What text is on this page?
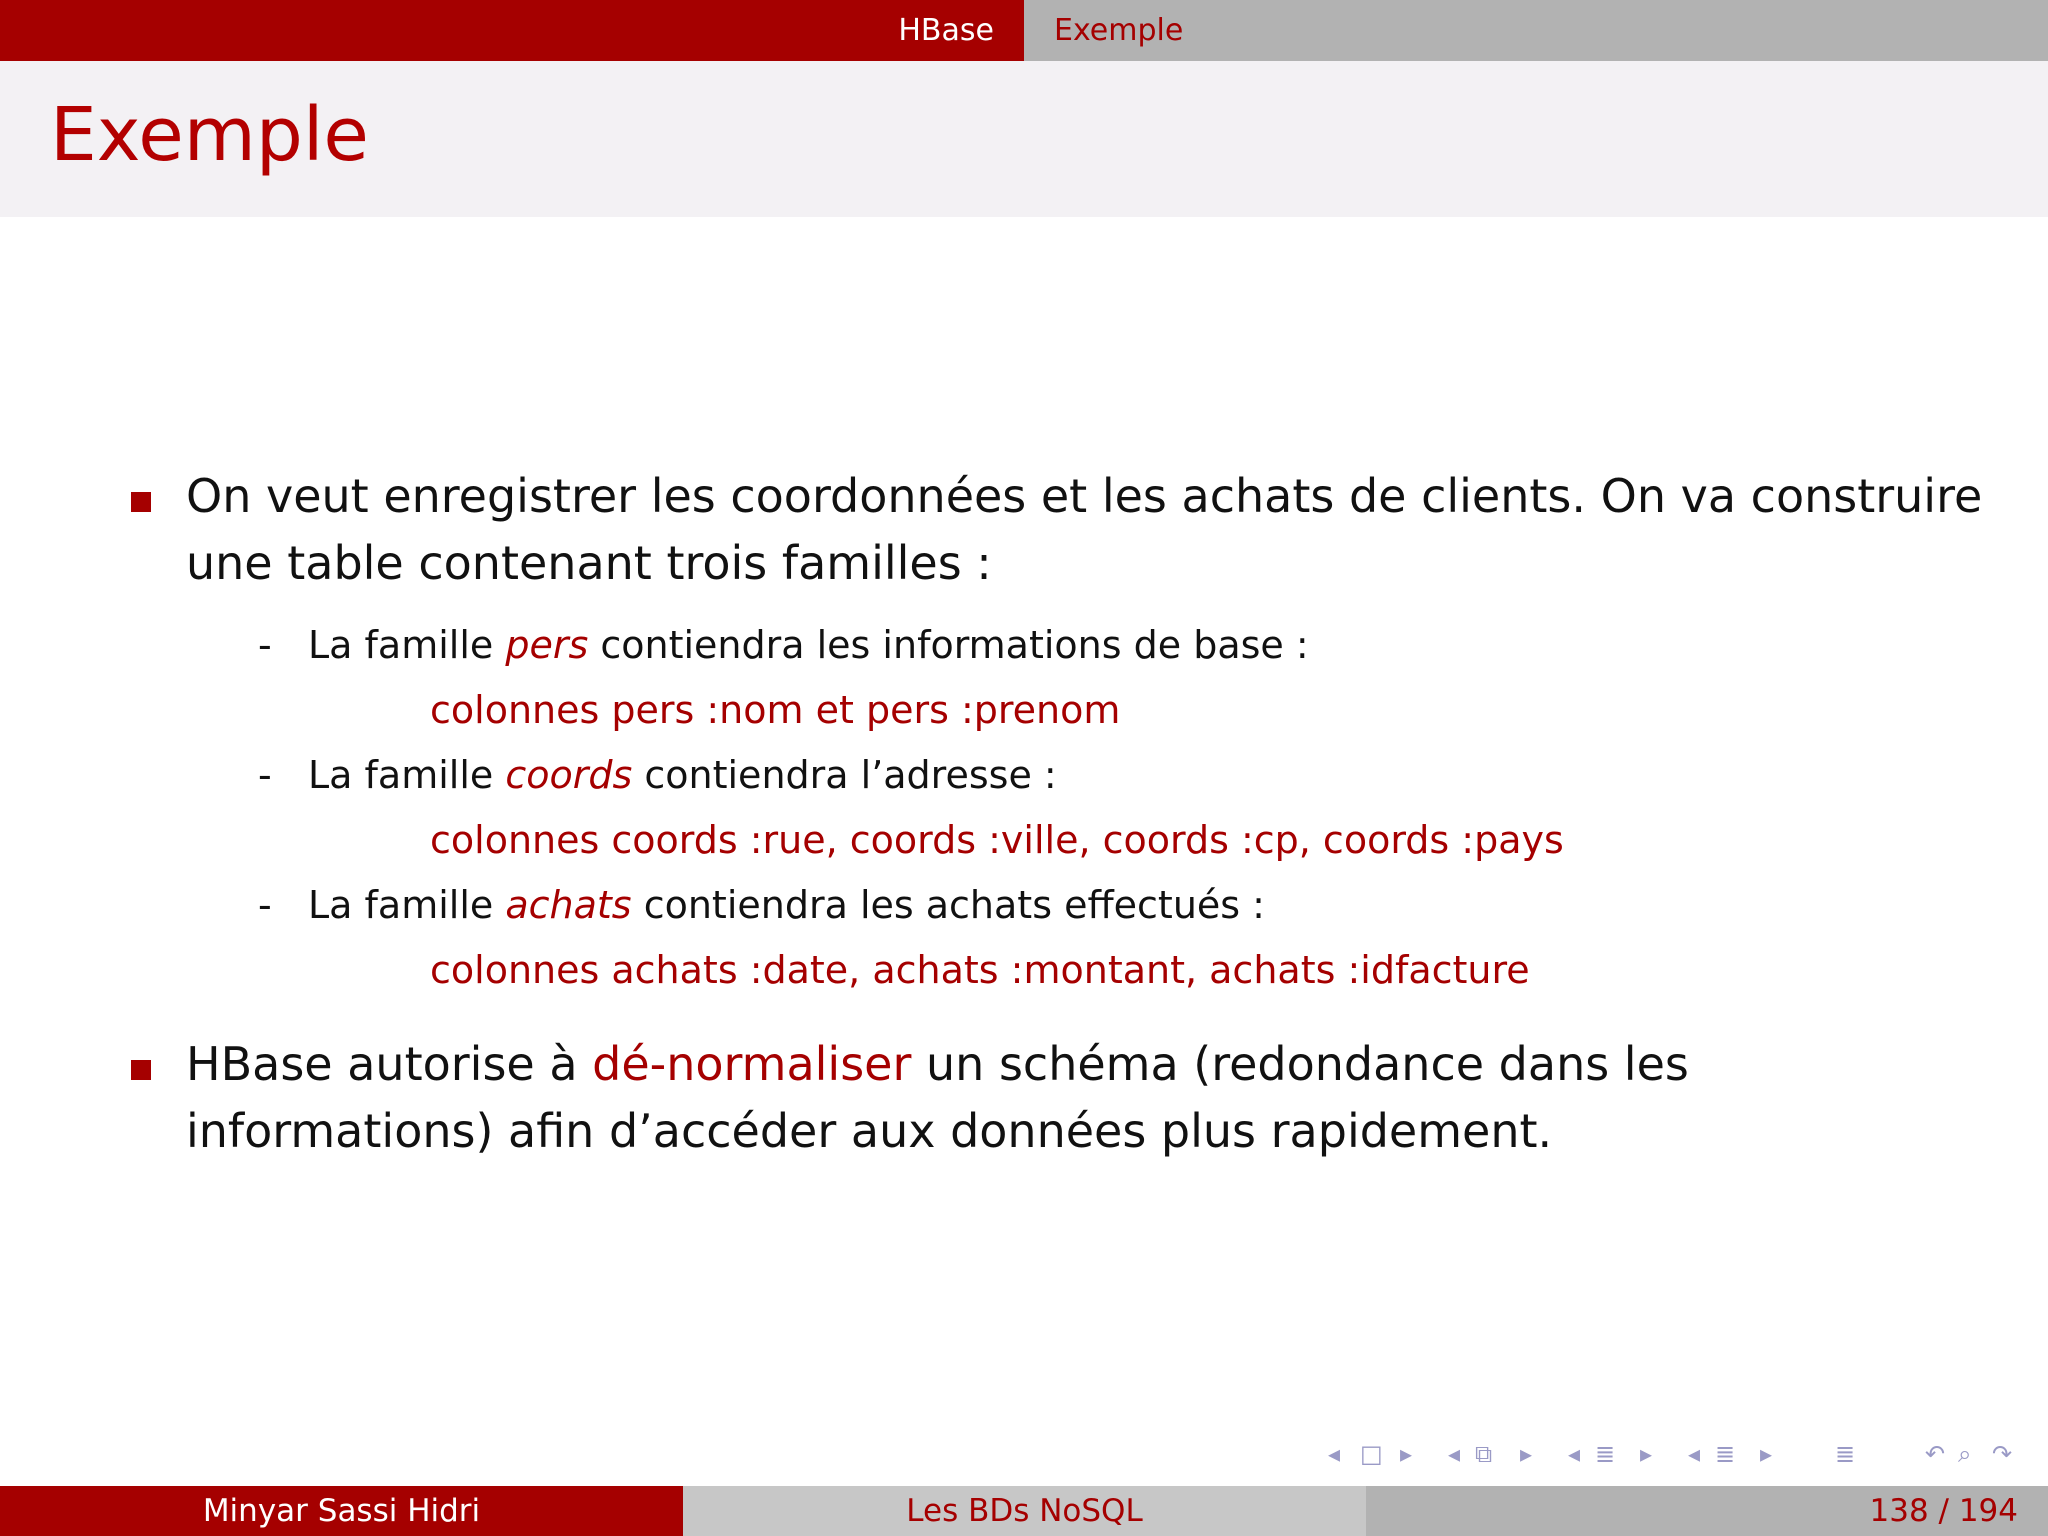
HBase Exemple
Exemple
On veut enregistrer les coordonnées et les achats de clients. On va construire une table contenant trois familles :
- La famille pers contiendra les informations de base :
colonnes pers :nom et pers :prenom
- La famille coords contiendra l’adresse :
colonnes coords :rue, coords :ville, coords :cp, coords :pays
- La famille achats contiendra les achats effectués :
colonnes achats :date, achats :montant, achats :idfacture
HBase autorise à dé-normaliser un schéma (redondance dans les informations) afin d’accéder aux données plus rapidement.
◂ □ ▸ ◂ ⧉ ▸ ◂ ≣ ▸ ◂ ≣ ▸	≣	↶ ⌕ ↷
Minyar Sassi Hidri	Les BDs NoSQL	138 / 194
